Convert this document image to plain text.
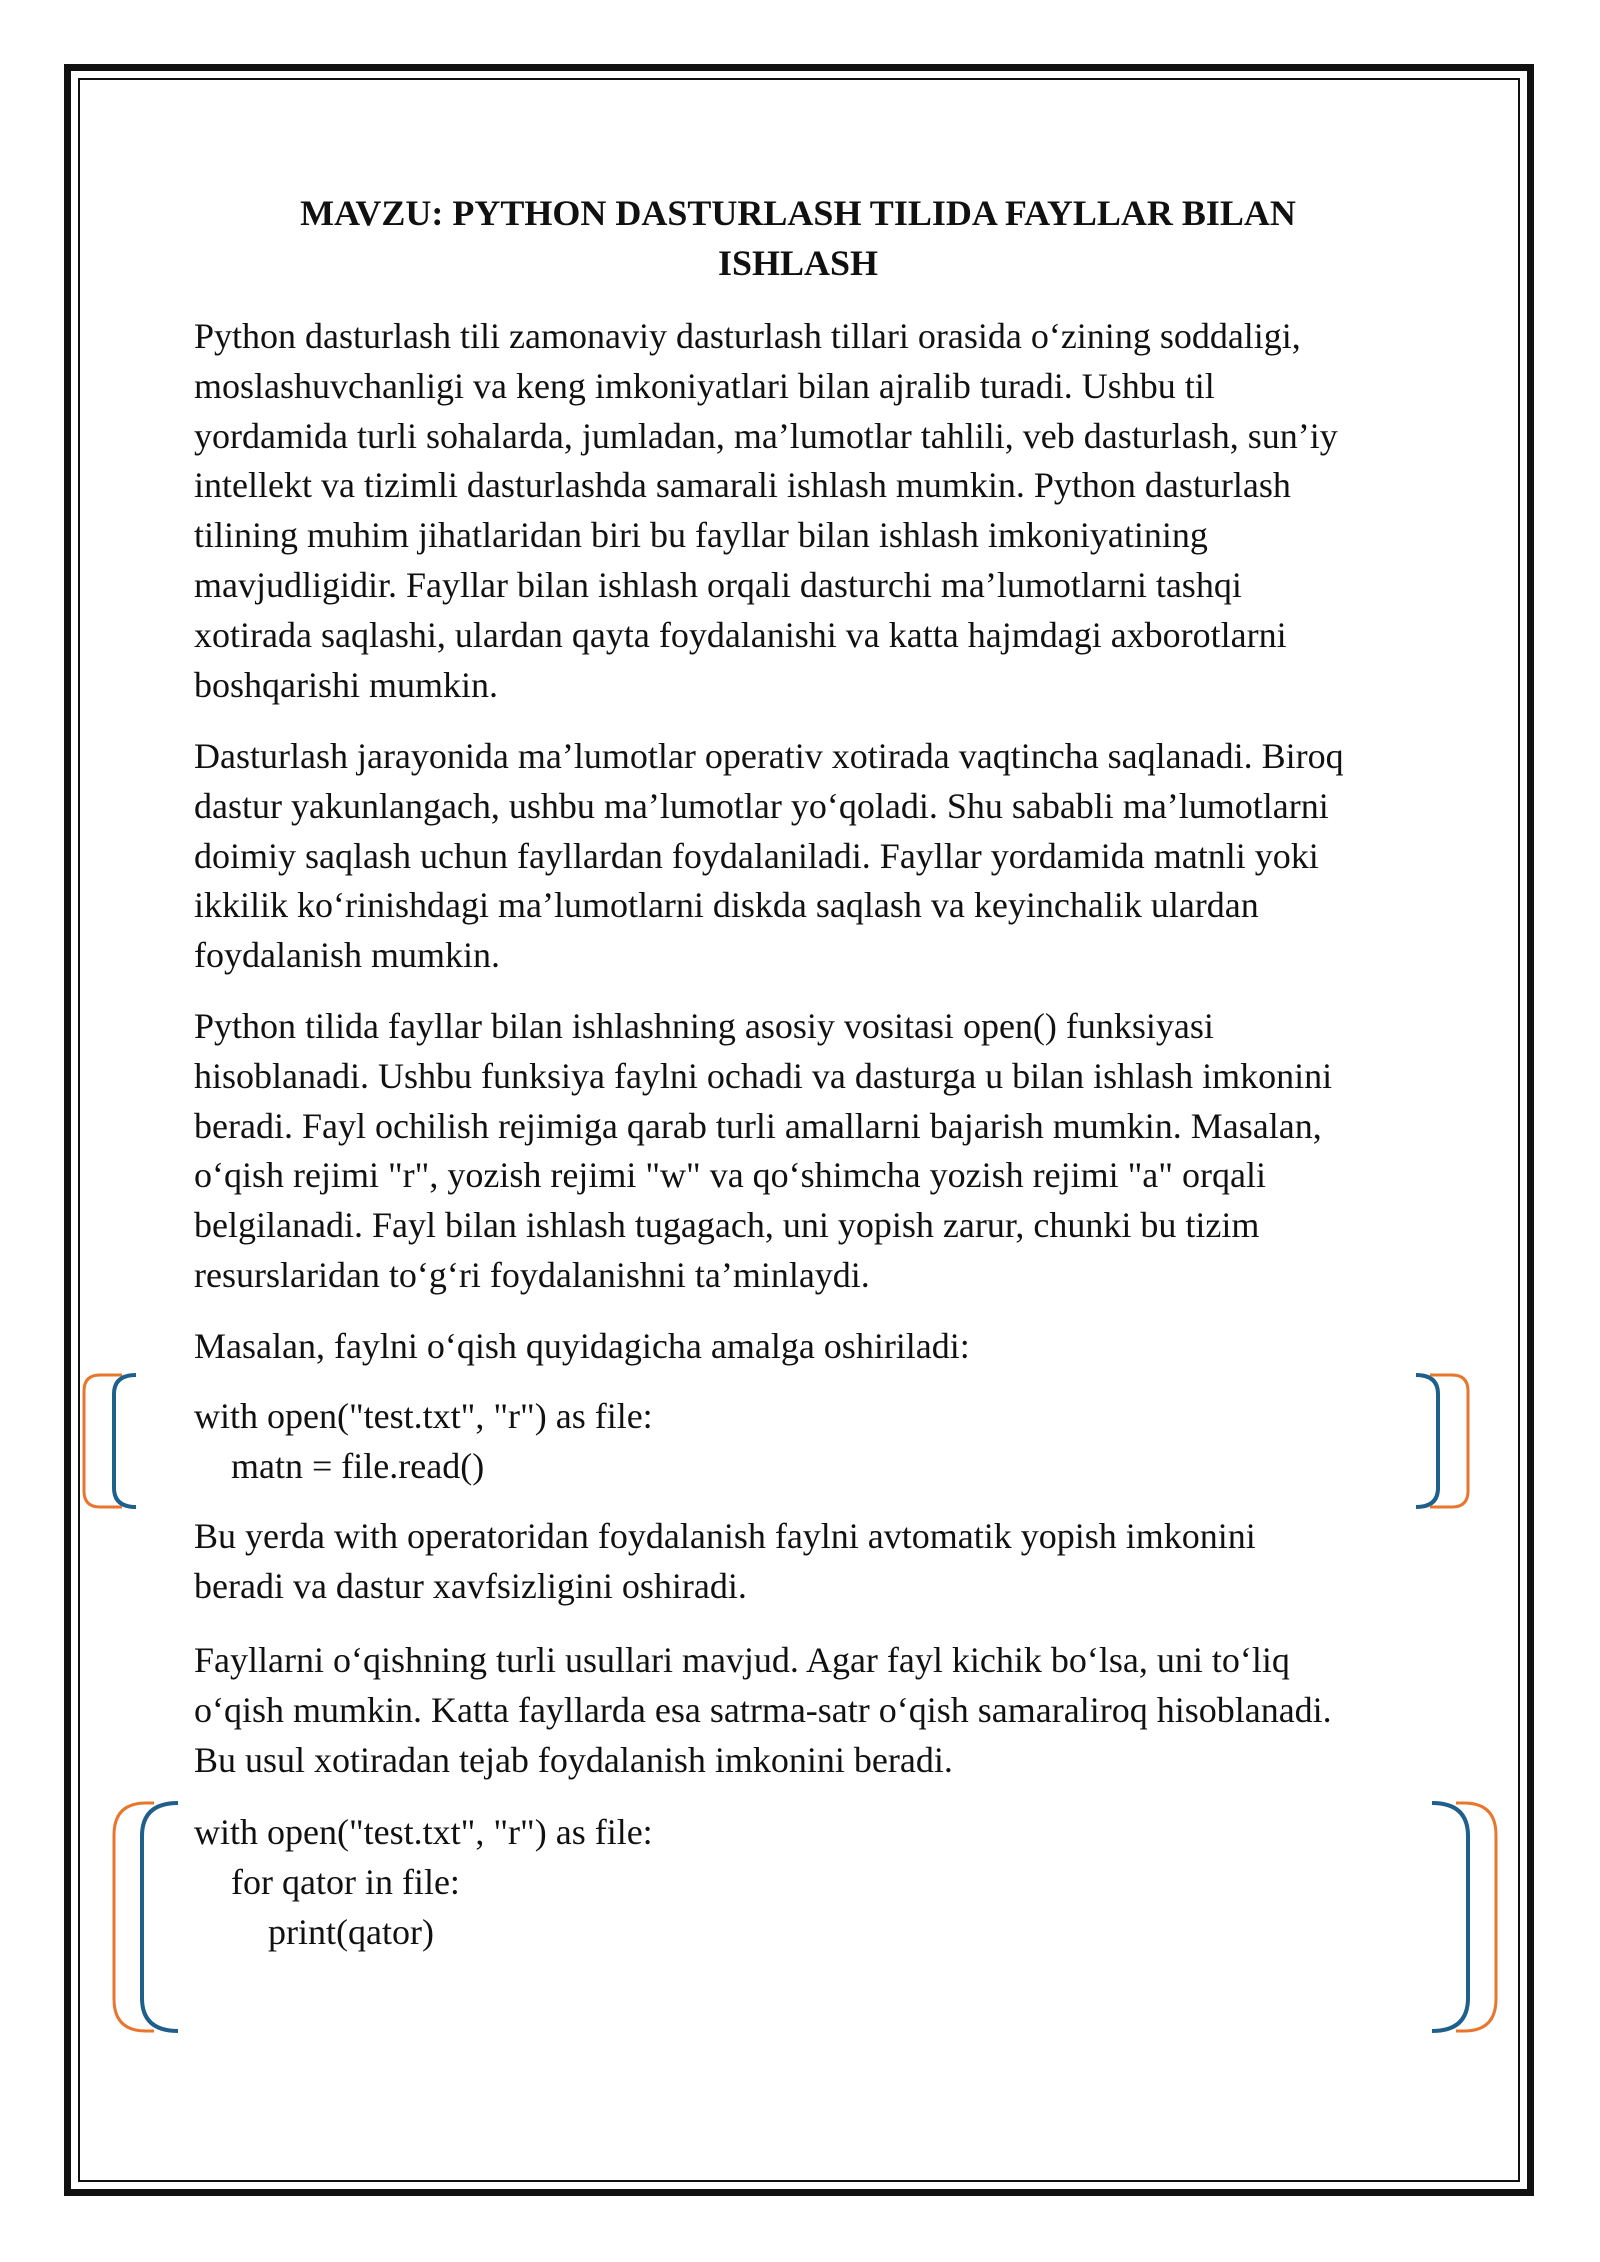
MAVZU: PYTHON DASTURLASH TILIDA FAYLLAR BILAN
ISHLASH

Python dasturlash tili zamonaviy dasturlash tillari orasida o‘zining soddaligi,
moslashuvchanligi va keng imkoniyatlari bilan ajralib turadi. Ushbu til
yordamida turli sohalarda, jumladan, ma’lumotlar tahlili, veb dasturlash, sun’iy
intellekt va tizimli dasturlashda samarali ishlash mumkin. Python dasturlash
tilining muhim jihatlaridan biri bu fayllar bilan ishlash imkoniyatining
mavjudligidir. Fayllar bilan ishlash orqali dasturchi ma’lumotlarni tashqi
xotirada saqlashi, ulardan qayta foydalanishi va katta hajmdagi axborotlarni
boshqarishi mumkin.

Dasturlash jarayonida ma’lumotlar operativ xotirada vaqtincha saqlanadi. Biroq
dastur yakunlangach, ushbu ma’lumotlar yo‘qoladi. Shu sababli ma’lumotlarni
doimiy saqlash uchun fayllardan foydalaniladi. Fayllar yordamida matnli yoki
ikkilik ko‘rinishdagi ma’lumotlarni diskda saqlash va keyinchalik ulardan
foydalanish mumkin.

Python tilida fayllar bilan ishlashning asosiy vositasi open() funksiyasi
hisoblanadi. Ushbu funksiya faylni ochadi va dasturga u bilan ishlash imkonini
beradi. Fayl ochilish rejimiga qarab turli amallarni bajarish mumkin. Masalan,
o‘qish rejimi "r", yozish rejimi "w" va qo‘shimcha yozish rejimi "a" orqali
belgilanadi. Fayl bilan ishlash tugagach, uni yopish zarur, chunki bu tizim
resurslaridan to‘g‘ri foydalanishni ta’minlaydi.

Masalan, faylni o‘qish quyidagicha amalga oshiriladi:

with open("test.txt", "r") as file:

matn = file.read()

Bu yerda with operatoridan foydalanish faylni avtomatik yopish imkonini
beradi va dastur xavfsizligini oshiradi.

Fayllarni o‘qishning turli usullari mavjud. Agar fayl kichik bo‘lsa, uni to‘liq
o‘qish mumkin. Katta fayllarda esa satrma-satr o‘qish samaraliroq hisoblanadi.
Bu usul xotiradan tejab foydalanish imkonini beradi.

with open("test.txt", "r") as file:

for qator in file:

print(qator)
